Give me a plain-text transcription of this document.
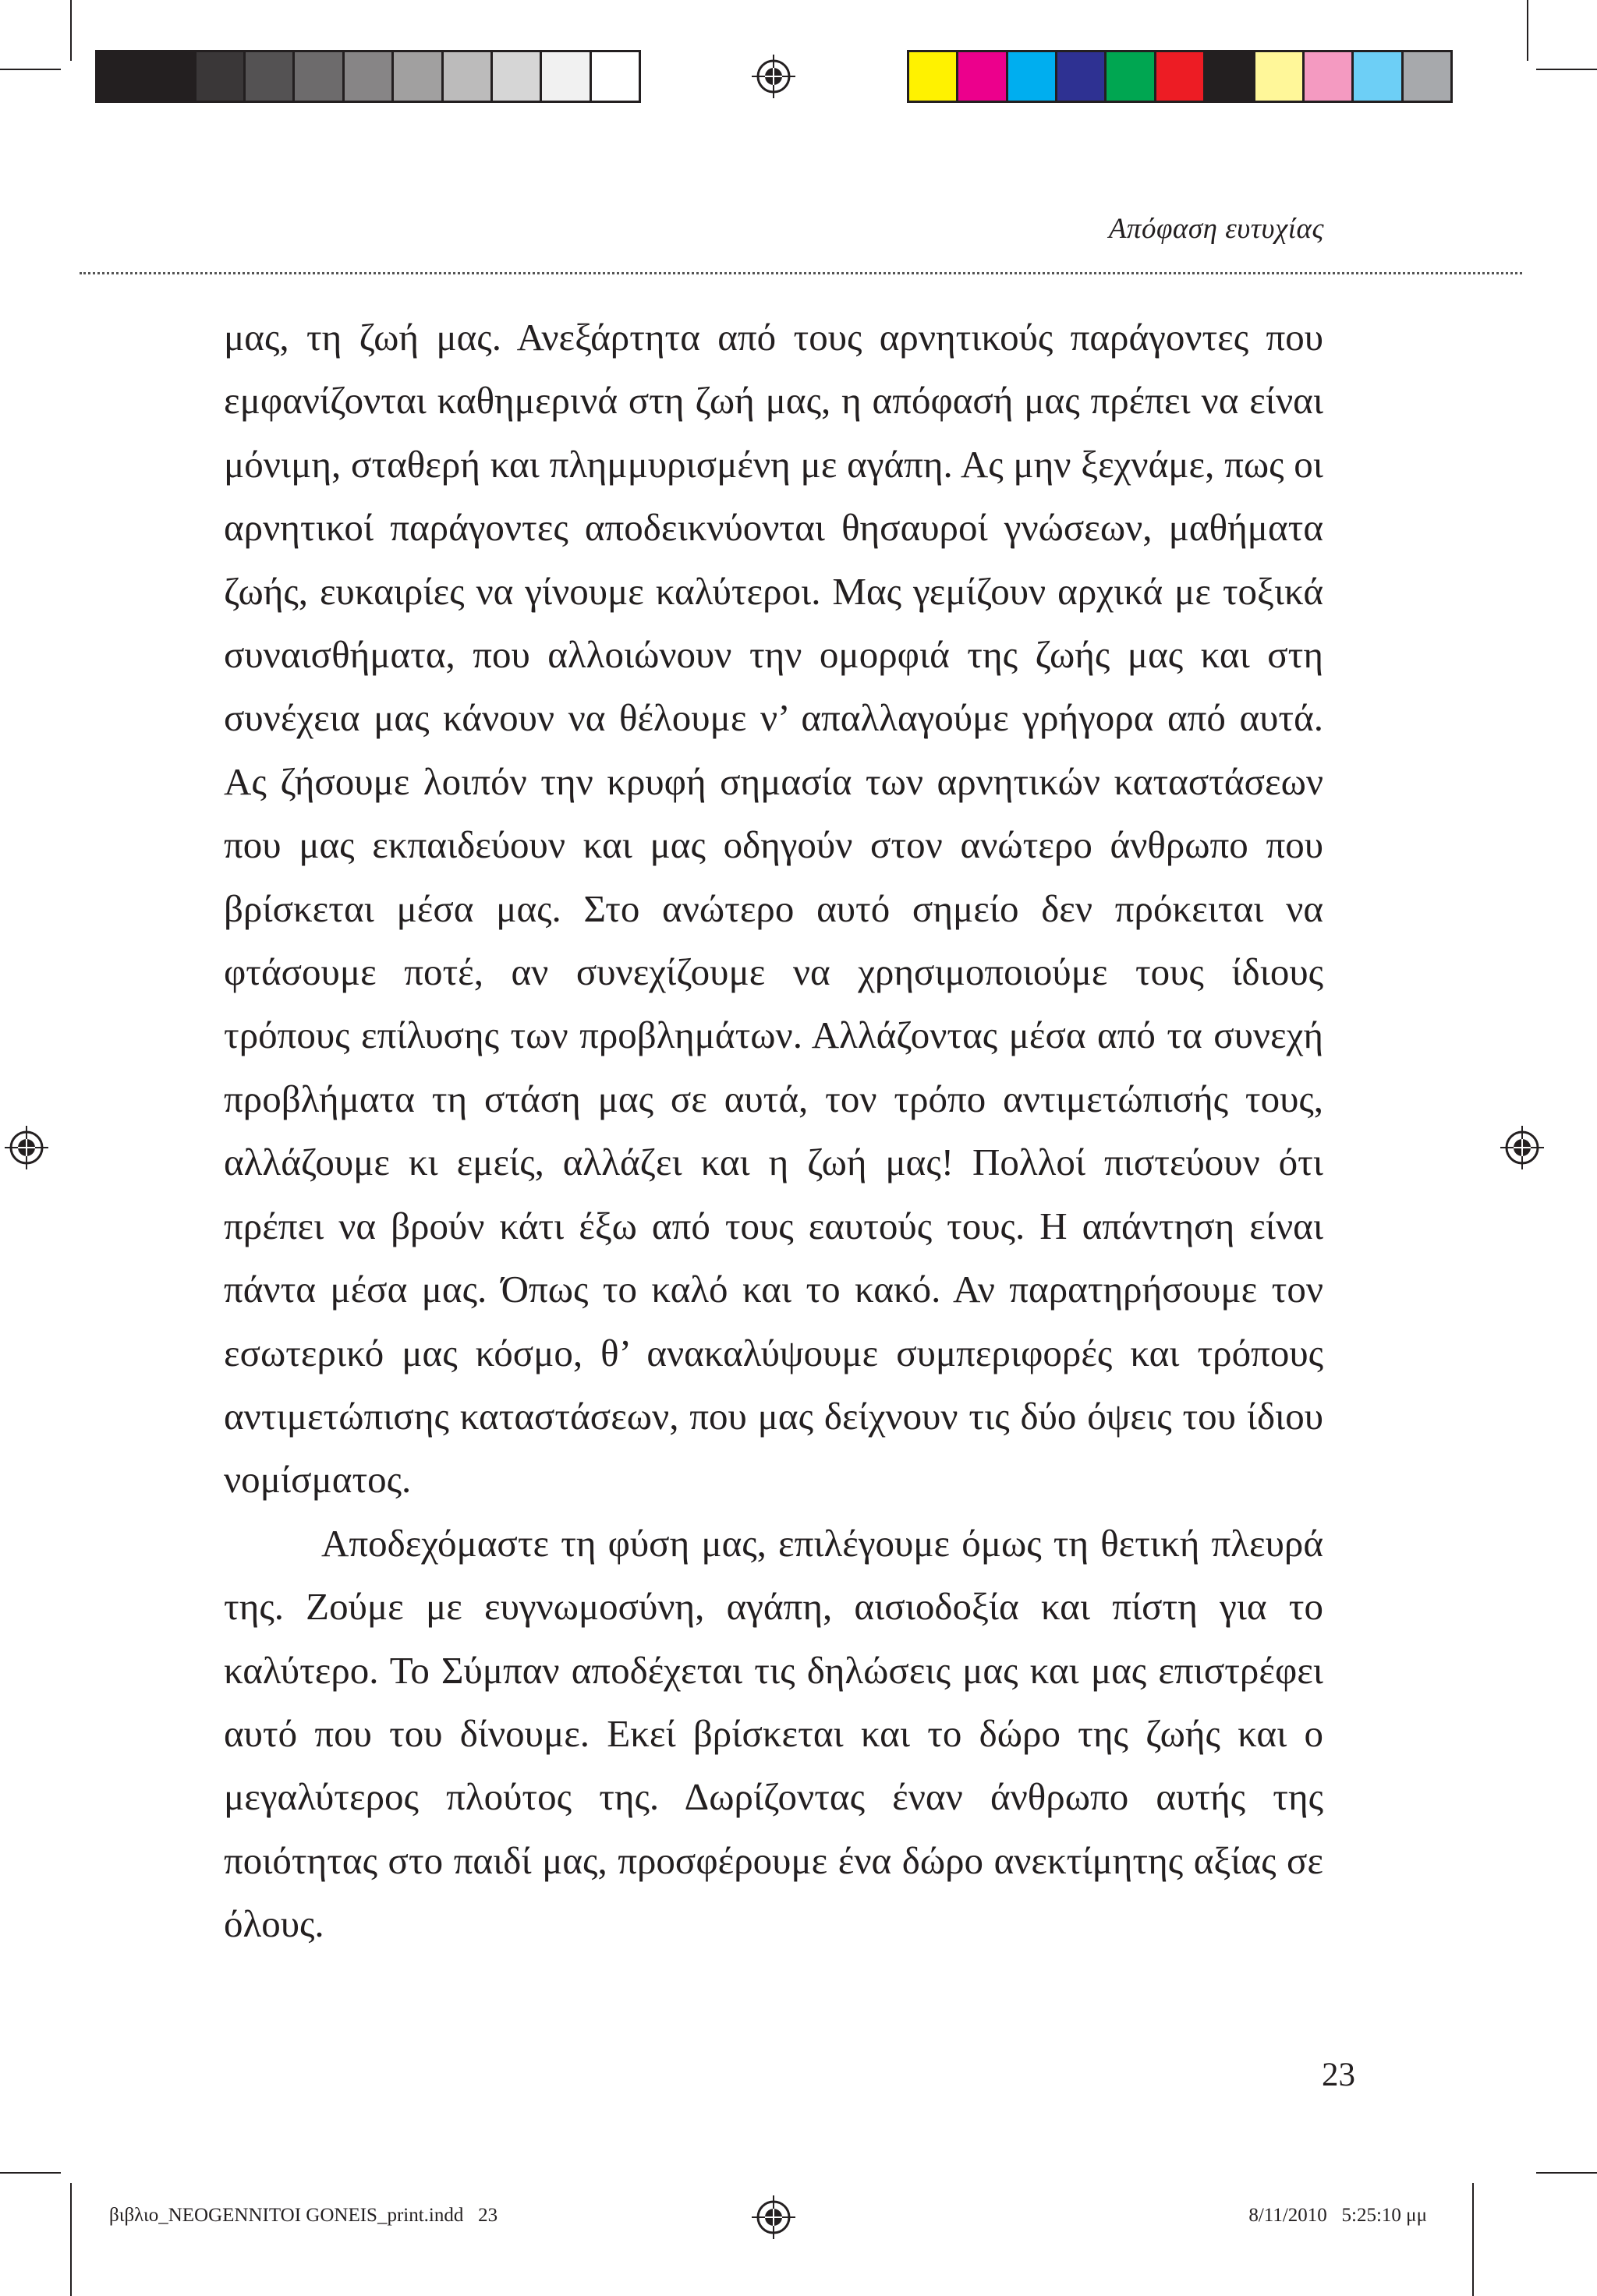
Απόφαση ευτυχίας

μας, τη ζωή μας. Ανεξάρτητα από τους αρνητικούς παράγοντες που εμφανίζονται καθημερινά στη ζωή μας, η απόφασή μας πρέπει να είναι μόνιμη, σταθερή και πλημμυρισμένη με αγάπη. Ας μην ξεχνάμε, πως οι αρνητικοί παράγοντες αποδεικνύονται θησαυροί γνώσεων, μαθήματα ζωής, ευκαιρίες να γίνουμε καλύτεροι. Μας γεμίζουν αρχικά με τοξικά συναισθήματα, που αλλοιώνουν την ομορφιά της ζωής μας και στη συνέχεια μας κάνουν να θέλουμε ν’ απαλλαγούμε γρήγορα από αυτά. Ας ζήσουμε λοιπόν την κρυφή σημασία των αρνητικών καταστάσεων που μας εκπαιδεύουν και μας οδηγούν στον ανώτερο άνθρωπο που βρίσκεται μέσα μας. Στο ανώτερο αυτό σημείο δεν πρόκειται να φτάσουμε ποτέ, αν συνεχίζουμε να χρησιμοποιούμε τους ίδιους τρόπους επίλυσης των προβλημάτων. Αλλάζοντας μέσα από τα συνεχή προβλήματα τη στάση μας σε αυτά, τον τρόπο αντιμετώπισής τους, αλλάζουμε κι εμείς, αλλάζει και η ζωή μας! Πολλοί πιστεύουν ότι πρέπει να βρούν κάτι έξω από τους εαυτούς τους. Η απάντηση είναι πάντα μέσα μας. Όπως το καλό και το κακό. Αν παρατηρήσουμε τον εσωτερικό μας κόσμο, θ’ ανακαλύψουμε συμπεριφορές και τρόπους αντιμετώπισης καταστάσεων, που μας δείχνουν τις δύο όψεις του ίδιου νομίσματος.

Αποδεχόμαστε τη φύση μας, επιλέγουμε όμως τη θετική πλευρά της. Ζούμε με ευγνωμοσύνη, αγάπη, αισιοδοξία και πίστη για το καλύτερο. Το Σύμπαν αποδέχεται τις δηλώσεις μας και μας επιστρέφει αυτό που του δίνουμε. Εκεί βρίσκεται και το δώρο της ζωής και ο μεγαλύτερος πλούτος της. Δωρίζοντας έναν άνθρωπο αυτής της ποιότητας στο παιδί μας, προσφέρουμε ένα δώρο ανεκτίμητης αξίας σε όλους.

23
βιβλιο_NEOGENNITOI GONEIS_print.indd   23	8/11/2010   5:25:10 μμ
